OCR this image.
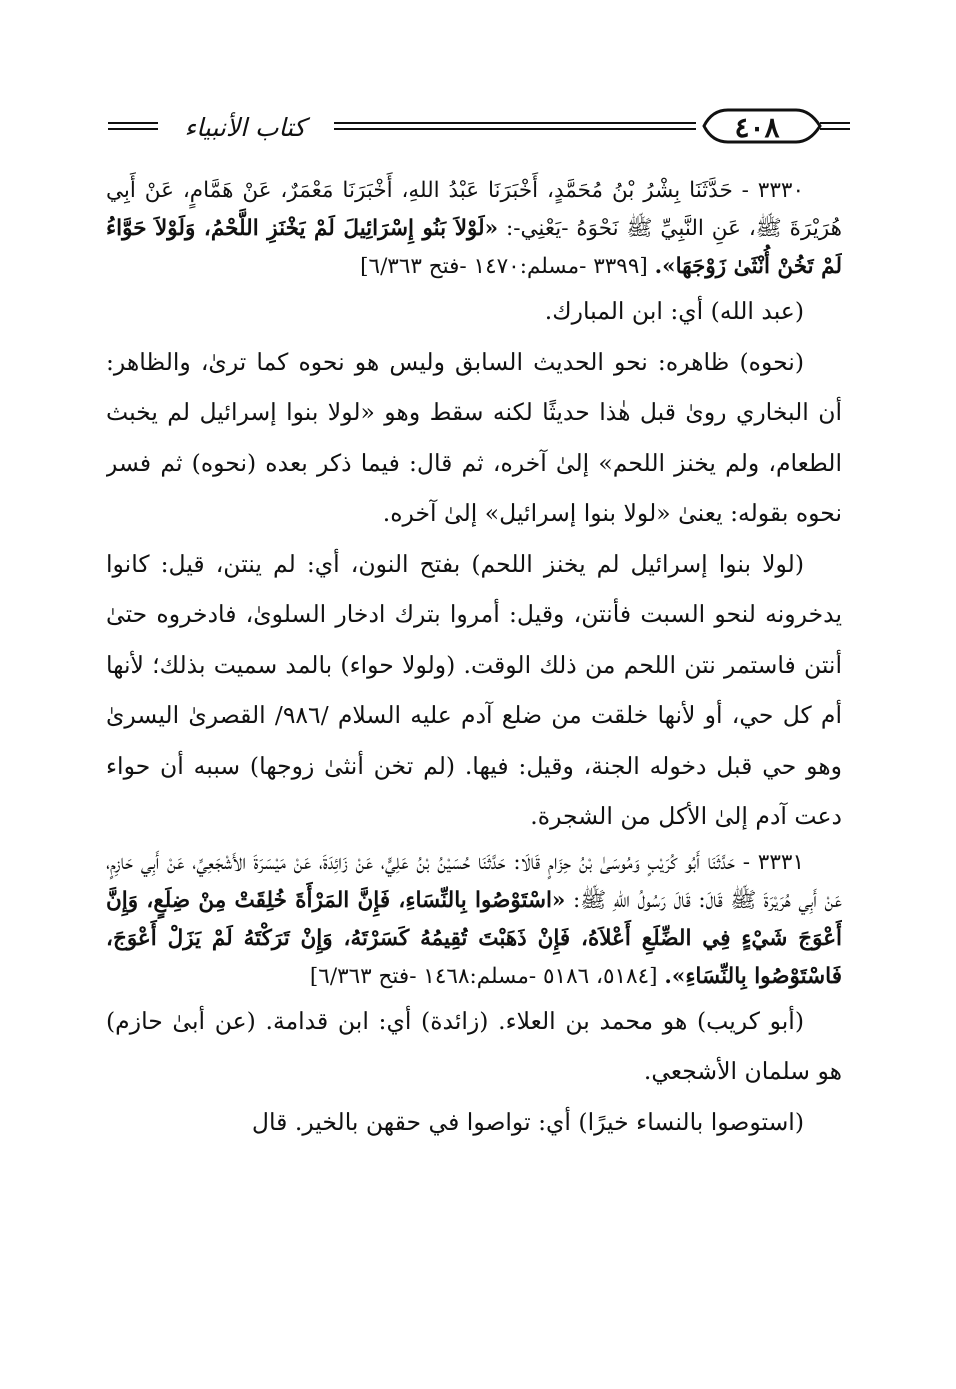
٤٠٨
كتاب الأنبياء

٣٣٣٠ - حَدَّثَنَا بِشْرُ بْنُ مُحَمَّدٍ، أَخْبَرَنَا عَبْدُ اللهِ، أَخْبَرَنَا مَعْمَرٌ، عَنْ هَمَّامٍ، عَنْ أَبِي هُرَيْرَةَ ﷺ، عَنِ النَّبِيِّ ﷺ نَحْوَهُ -يَعْنِي-: «لَوْلاَ بَنُو إِسْرَائِيلَ لَمْ يَخْنَزِ اللَّحْمُ، وَلَوْلاَ حَوَّاءُ لَمْ تَخُنْ أُنْثَىٰ زَوْجَهَا». [٣٣٩٩ -مسلم:١٤٧٠ -فتح ٦/٣٦٣]

(عبد الله) أي: ابن المبارك.

(نحوه) ظاهره: نحو الحديث السابق وليس هو نحوه كما ترىٰ، والظاهر: أن البخاري روىٰ قبل هٰذا حديثًا لكنه سقط وهو «لولا بنوا إسرائيل لم يخبث الطعام، ولم يخنز اللحم» إلىٰ آخره، ثم قال: فيما ذكر بعده (نحوه) ثم فسر نحوه بقوله: يعنىٰ «لولا بنوا إسرائيل» إلىٰ آخره.

(لولا بنوا إسرائيل لم يخنز اللحم) بفتح النون، أي: لم ينتن، قيل: كانوا يدخرونه لنحو السبت فأنتن، وقيل: أمروا بترك ادخار السلوىٰ، فادخروه حتىٰ أنتن فاستمر نتن اللحم من ذلك الوقت. (ولولا حواء) بالمد سميت بذلك؛ لأنها أم كل حي، أو لأنها خلقت من ضلع آدم عليه السلام /٩٨٦/ القصرىٰ اليسرىٰ وهو حي قبل دخوله الجنة، وقيل: فيها. (لم تخن أنثىٰ زوجها) سببه أن حواء دعت آدم إلىٰ الأكل من الشجرة.

٣٣٣١ - حَدَّثَنَا أَبُو كُرَيْبٍ وَمُوسَىٰ بْنُ حِزَامٍ قَالَا: حَدَّثَنَا حُسَيْنُ بْنُ عَلِيٍّ، عَنْ زَائِدَةَ، عَنْ مَيْسَرَةَ الأَشْجَعِيِّ، عَنْ أَبِي حَازِمٍ، عَنْ أَبِي هُرَيْرَةَ ﷺ قَالَ: قَالَ رَسُولُ اللهِ ﷺ: «اسْتَوْصُوا بِالنِّسَاءِ، فَإِنَّ المَرْأَةَ خُلِقَتْ مِنْ ضِلَعٍ، وَإِنَّ أَعْوَجَ شَيْءٍ فِي الضِّلَعِ أَعْلاَهُ، فَإِنْ ذَهَبْتَ تُقِيمُهُ كَسَرْتَهُ، وَإِنْ تَرَكْتَهُ لَمْ يَزَلْ أَعْوَجَ، فَاسْتَوْصُوا بِالنِّسَاءِ». [٥١٨٤، ٥١٨٦ -مسلم:١٤٦٨ -فتح ٦/٣٦٣]

(أبو كريب) هو محمد بن العلاء. (زائدة) أي: ابن قدامة. (عن أبىٰ حازم) هو سلمان الأشجعي.

(استوصوا بالنساء خيرًا) أي: تواصوا في حقهن بالخير. قال
